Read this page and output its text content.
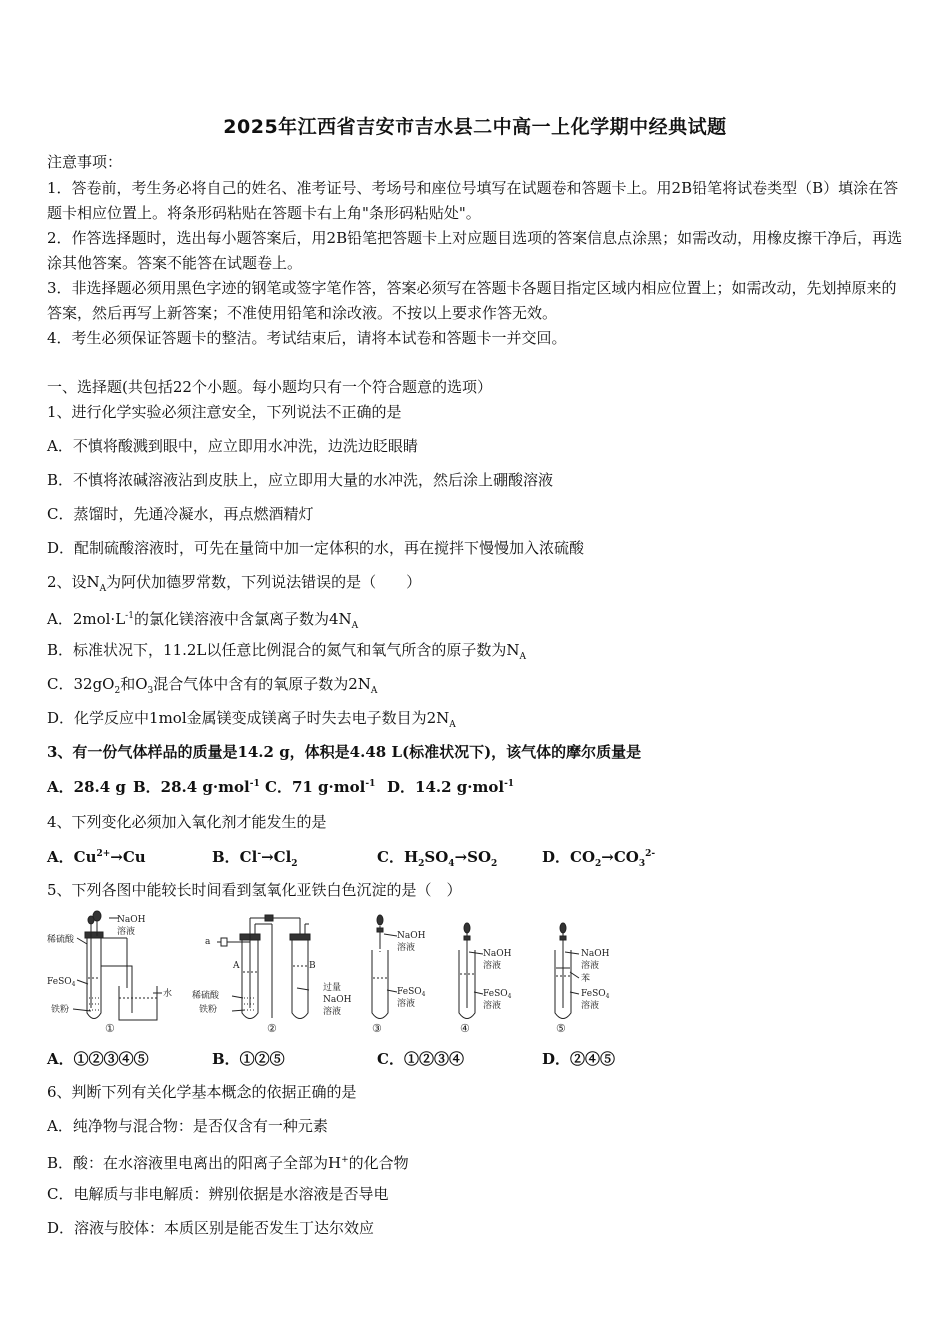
2025年江西省吉安市吉水县二中高一上化学期中经典试题
注意事项：
1．答卷前，考生务必将自己的姓名、准考证号、考场号和座位号填写在试题卷和答题卡上。用2B铅笔将试卷类型（B）填涂在答题卡相应位置上。将条形码粘贴在答题卡右上角"条形码粘贴处"。
2．作答选择题时，选出每小题答案后，用2B铅笔把答题卡上对应题目选项的答案信息点涂黑；如需改动，用橡皮擦干净后，再选涂其他答案。答案不能答在试题卷上。
3．非选择题必须用黑色字迹的钢笔或签字笔作答，答案必须写在答题卡各题目指定区域内相应位置上；如需改动，先划掉原来的答案，然后再写上新答案；不准使用铅笔和涂改液。不按以上要求作答无效。
4．考生必须保证答题卡的整洁。考试结束后，请将本试卷和答题卡一并交回。
一、选择题(共包括22个小题。每小题均只有一个符合题意的选项）
1、进行化学实验必须注意安全，下列说法不正确的是
A．不慎将酸溅到眼中，应立即用水冲洗，边洗边眨眼睛
B．不慎将浓碱溶液沾到皮肤上，应立即用大量的水冲洗，然后涂上硼酸溶液
C．蒸馏时，先通冷凝水，再点燃酒精灯
D．配制硫酸溶液时，可先在量筒中加一定体积的水，再在搅拌下慢慢加入浓硫酸
2、设$N_A$为阿伏加德罗常数，下列说法错误的是（　　）
A．$2mol\cdot L^{-1}$的氯化镁溶液中含氯离子数为$4N_A$
B．标准状况下，11.2L以任意比例混合的氮气和氧气所含的原子数为$N_A$
C．$32gO_2$和$O_3$混合气体中含有的氧原子数为$2N_A$
D．化学反应中1mol金属镁变成镁离子时失去电子数目为$2N_A$
3、有一份气体样品的质量是14.2 g，体积是4.48 L(标准状况下)，该气体的摩尔质量是
A．28.4 g B．28.4 g·mol$^{-1}$ C．71 g·mol$^{-1}$ D．14.2 g·mol$^{-1}$
4、下列变化必须加入氧化剂才能发生的是
A．$Cu^{2+}\to Cu$	B．$Cl^-\to Cl_2$	C．$H_2SO_4\to SO_2$	D．$CO_2\to CO_3^{2-}$
5、下列各图中能较长时间看到氢氧化亚铁白色沉淀的是（　）
NaOH
溶液
稀硫酸
FeSO$_4$
铁粉
水
①
a
A	B
稀硫酸
铁粉
过量
NaOH
溶液
②
NaOH
溶液
FeSO$_4$
溶液
③
NaOH
溶液
FeSO$_4$
溶液
④
NaOH
溶液
苯
FeSO$_4$
溶液
⑤
A．①②③④⑤	B．①②⑤	C．①②③④	D．②④⑤
6、判断下列有关化学基本概念的依据正确的是
A．纯净物与混合物：是否仅含有一种元素
B．酸：在水溶液里电离出的阳离子全部为H+的化合物
C．电解质与非电解质：辨别依据是水溶液是否导电
D．溶液与胶体：本质区别是能否发生丁达尔效应
